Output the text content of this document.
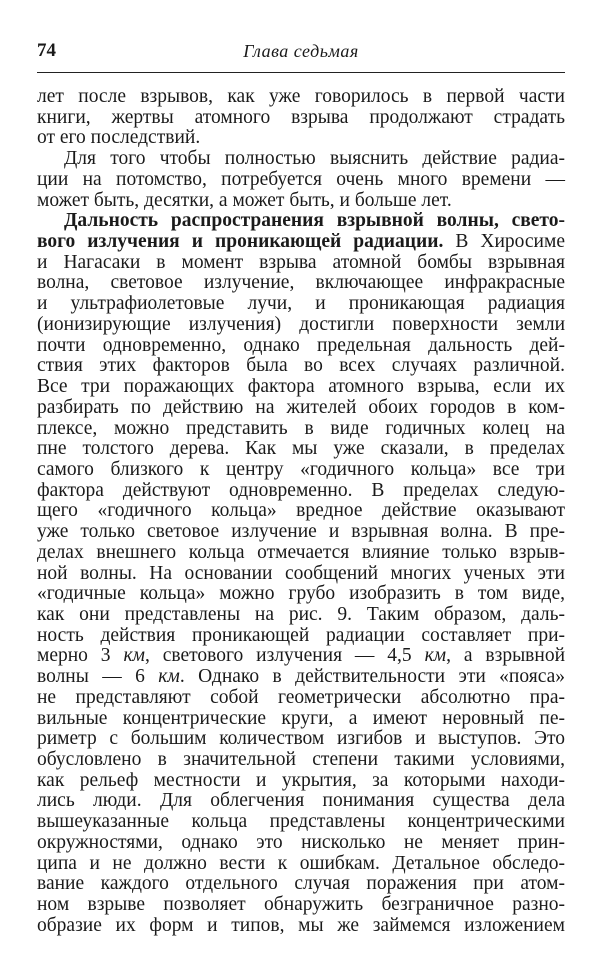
74	Глава седьмая
лет после взрывов, как уже говорилось в первой части
книги, жертвы атомного взрыва продолжают страдать
от его последствий.
Для того чтобы полностью выяснить действие радиа-
ции на потомство, потребуется очень много времени —
может быть, десятки, а может быть, и больше лет.
Дальность распространения взрывной волны, свето-
вого излучения и проникающей радиации. В Хиросиме
и Нагасаки в момент взрыва атомной бомбы взрывная
волна, световое излучение, включающее инфракрасные
и ультрафиолетовые лучи, и проникающая радиация
(ионизирующие излучения) достигли поверхности земли
почти одновременно, однако предельная дальность дей-
ствия этих факторов была во всех случаях различной.
Все три поражающих фактора атомного взрыва, если их
разбирать по действию на жителей обоих городов в ком-
плексе, можно представить в виде годичных колец на
пне толстого дерева. Как мы уже сказали, в пределах
самого близкого к центру «годичного кольца» все три
фактора действуют одновременно. В пределах следую-
щего «годичного кольца» вредное действие оказывают
уже только световое излучение и взрывная волна. В пре-
делах внешнего кольца отмечается влияние только взрыв-
ной волны. На основании сообщений многих ученых эти
«годичные кольца» можно грубо изобразить в том виде,
как они представлены на рис. 9. Таким образом, даль-
ность действия проникающей радиации составляет при-
мерно 3 км, светового излучения — 4,5 км, а взрывной
волны — 6 км. Однако в действительности эти «пояса»
не представляют собой геометрически абсолютно пра-
вильные концентрические круги, а имеют неровный пе-
риметр с большим количеством изгибов и выступов. Это
обусловлено в значительной степени такими условиями,
как рельеф местности и укрытия, за которыми находи-
лись люди. Для облегчения понимания существа дела
вышеуказанные кольца представлены концентрическими
окружностями, однако это нисколько не меняет прин-
ципа и не должно вести к ошибкам. Детальное обследо-
вание каждого отдельного случая поражения при атом-
ном взрыве позволяет обнаружить безграничное разно-
образие их форм и типов, мы же займемся изложением
